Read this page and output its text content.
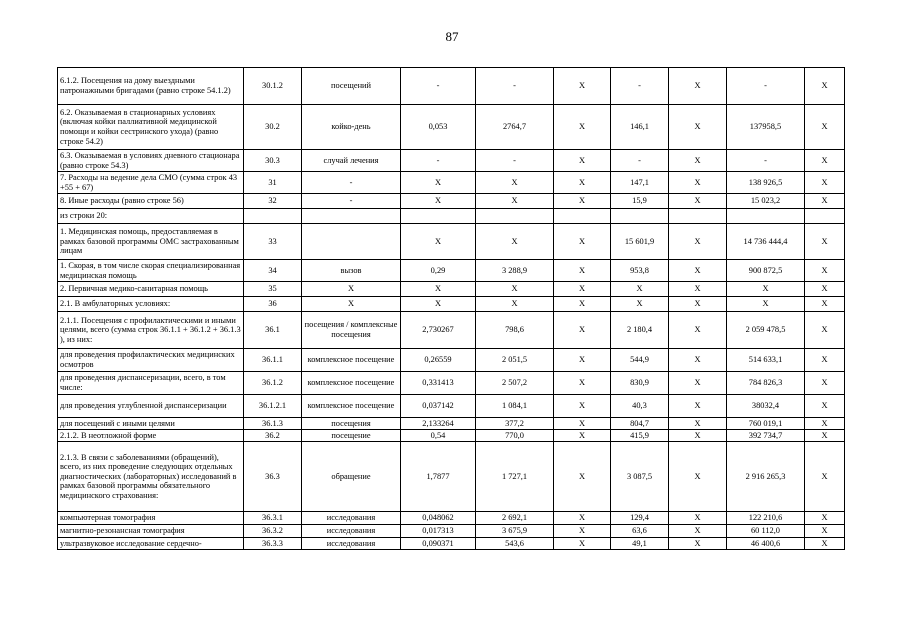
87
6.1.2. Посещения на дому выездными патронажными бригадами (равно строке 54.1.2)	30.1.2	посещений	-	-	X	-	X	-	X
6.2. Оказываемая в стационарных условиях (включая койки паллиативной медицинской помощи и койки сестринского ухода) (равно строке 54.2)	30.2	койко-день	0,053	2764,7	X	146,1	X	137958,5	X
6.3. Оказываемая в условиях дневного стационара (равно строке 54.3)	30.3	случай лечения	-	-	X	-	X	-	X
7. Расходы на ведение дела СМО (сумма строк 43 +55 + 67)	31	-	X	X	X	147,1	X	138 926,5	X
8. Иные расходы (равно строке 56)	32	-	X	X	X	15,9	X	15 023,2	X
из строки 20:									
1. Медицинская помощь, предоставляемая в рамках базовой программы ОМС застрахованным лицам	33		X	X	X	15 601,9	X	14 736 444,4	X
1. Скорая, в том числе скорая специализированная медицинская помощь	34	вызов	0,29	3 288,9	X	953,8	X	900 872,5	X
2. Первичная медико-санитарная помощь	35	X	X	X	X	X	X	X	X
2.1. В амбулаторных условиях:	36	X	X	X	X	X	X	X	X
2.1.1. Посещения с профилактическими и иными целями, всего (сумма строк 36.1.1 + 36.1.2 + 36.1.3 ), из них:	36.1	посещения / комплексные посещения	2,730267	798,6	X	2 180,4	X	2 059 478,5	X
для проведения профилактических медицинских осмотров	36.1.1	комплексное посещение	0,26559	2 051,5	X	544,9	X	514 633,1	X
для проведения диспансеризации, всего, в том числе:	36.1.2	комплексное посещение	0,331413	2 507,2	X	830,9	X	784 826,3	X
для проведения углубленной диспансеризации	36.1.2.1	комплексное посещение	0,037142	1 084,1	X	40,3	X	38032,4	X
для посещений с иными целями	36.1.3	посещения	2,133264	377,2	X	804,7	X	760 019,1	X
2.1.2. В неотложной форме	36.2	посещение	0,54	770,0	X	415,9	X	392 734,7	X
2.1.3. В связи с заболеваниями (обращений), всего, из них проведение следующих отдельных диагностических (лабораторных) исследований в рамках базовой программы обязательного медицинского страхования:	36.3	обращение	1,7877	1 727,1	X	3 087,5	X	2 916 265,3	X
компьютерная томография	36.3.1	исследования	0,048062	2 692,1	X	129,4	X	122 210,6	X
магнитно-резонансная томография	36.3.2	исследования	0,017313	3 675,9	X	63,6	X	60 112,0	X
ультразвуковое исследование сердечно-	36.3.3	исследования	0,090371	543,6	X	49,1	X	46 400,6	X
